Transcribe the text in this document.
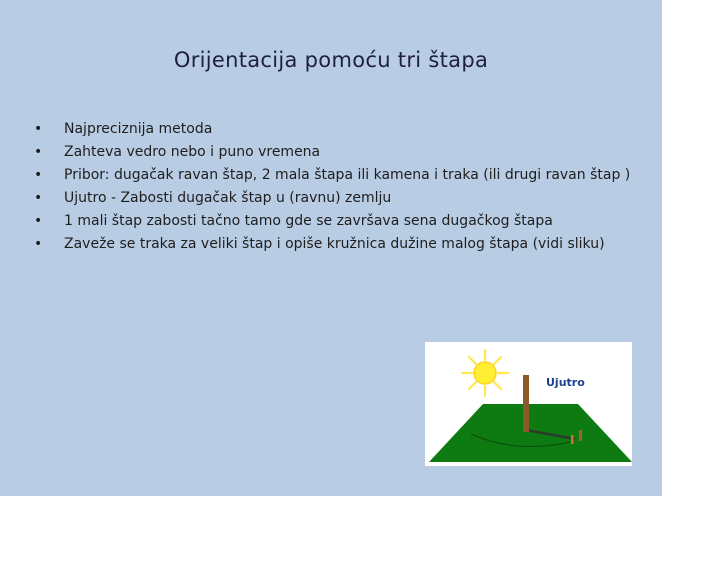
Orijentacija pomoću tri štapa
• Najpreciznija metoda
• Zahteva vedro nebo i puno vremena
• Pribor: dugačak ravan štap, 2 mala štapa ili kamena i traka (ili drugi ravan štap )
• Ujutro - Zabosti dugačak štap u (ravnu) zemlju
• 1 mali štap zabosti tačno tamo gde se završava sena dugačkog štapa
• Zaveže se traka za veliki štap i opiše kružnica dužine malog štapa (vidi sliku)
Ujutro
